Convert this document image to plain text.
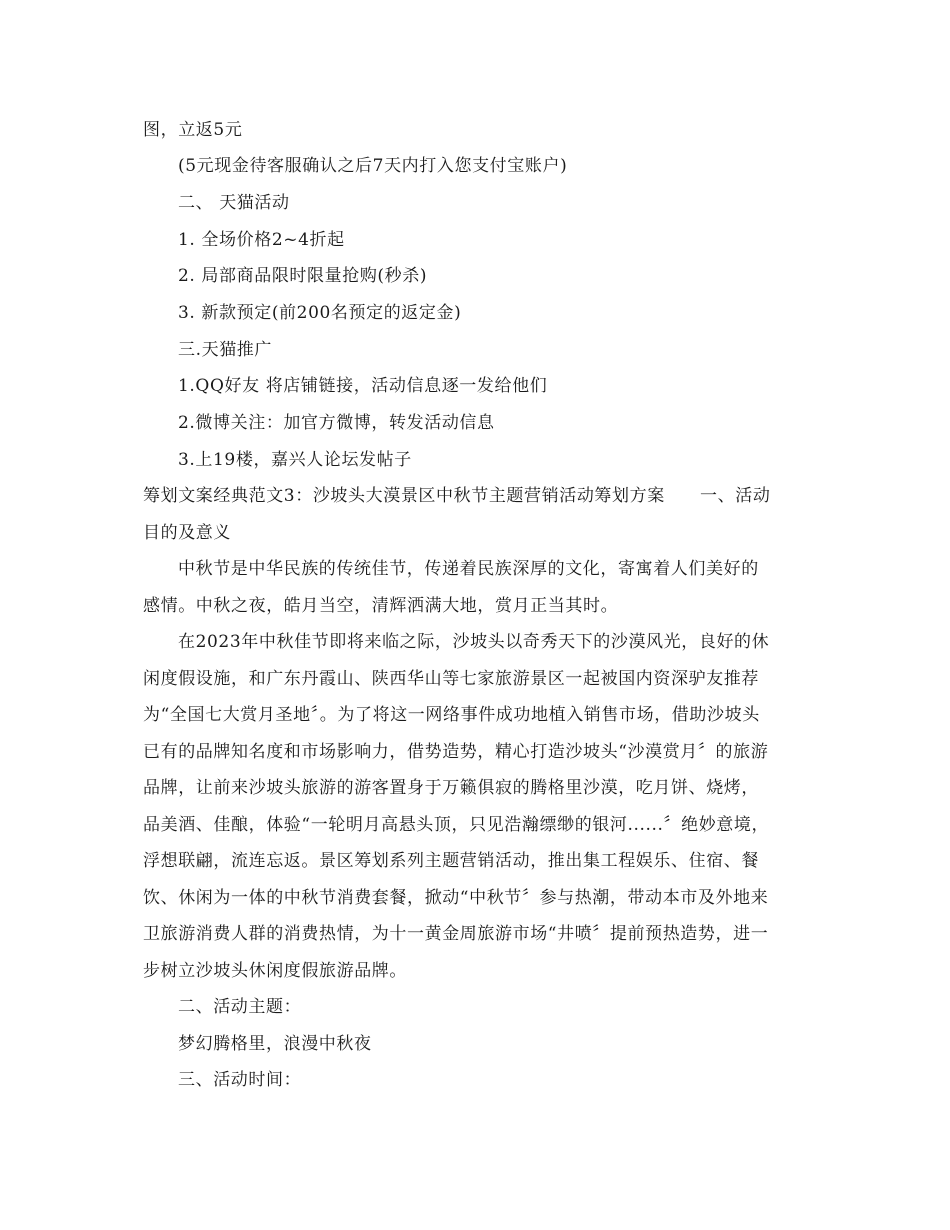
图，立返5元
(5元现金待客服确认之后7天内打入您支付宝账户)
二、 天猫活动
1. 全场价格2~4折起
2. 局部商品限时限量抢购(秒杀)
3. 新款预定(前200名预定的返定金)
三.天猫推广
1.QQ好友 将店铺链接，活动信息逐一发给他们
2.微博关注：加官方微博，转发活动信息
3.上19楼，嘉兴人论坛发帖子
筹划文案经典范文3：沙坡头大漠景区中秋节主题营销活动筹划方案　　一、活动
目的及意义
中秋节是中华民族的传统佳节，传递着民族深厚的文化，寄寓着人们美好的
感情。中秋之夜，皓月当空，清辉洒满大地，赏月正当其时。
在2023年中秋佳节即将来临之际，沙坡头以奇秀天下的沙漠风光，良好的休
闲度假设施，和广东丹霞山、陕西华山等七家旅游景区一起被国内资深驴友推荐
为“全国七大赏月圣地〞。为了将这一网络事件成功地植入销售市场，借助沙坡头
已有的品牌知名度和市场影响力，借势造势，精心打造沙坡头“沙漠赏月〞的旅游
品牌，让前来沙坡头旅游的游客置身于万籁俱寂的腾格里沙漠，吃月饼、烧烤，
品美酒、佳酿，体验“一轮明月高悬头顶，只见浩瀚缥缈的银河......〞绝妙意境，
浮想联翩，流连忘返。景区筹划系列主题营销活动，推出集工程娱乐、住宿、餐
饮、休闲为一体的中秋节消费套餐，掀动“中秋节〞参与热潮，带动本市及外地来
卫旅游消费人群的消费热情，为十一黄金周旅游市场“井喷〞提前预热造势，进一
步树立沙坡头休闲度假旅游品牌。
二、活动主题：
梦幻腾格里，浪漫中秋夜
三、活动时间：
